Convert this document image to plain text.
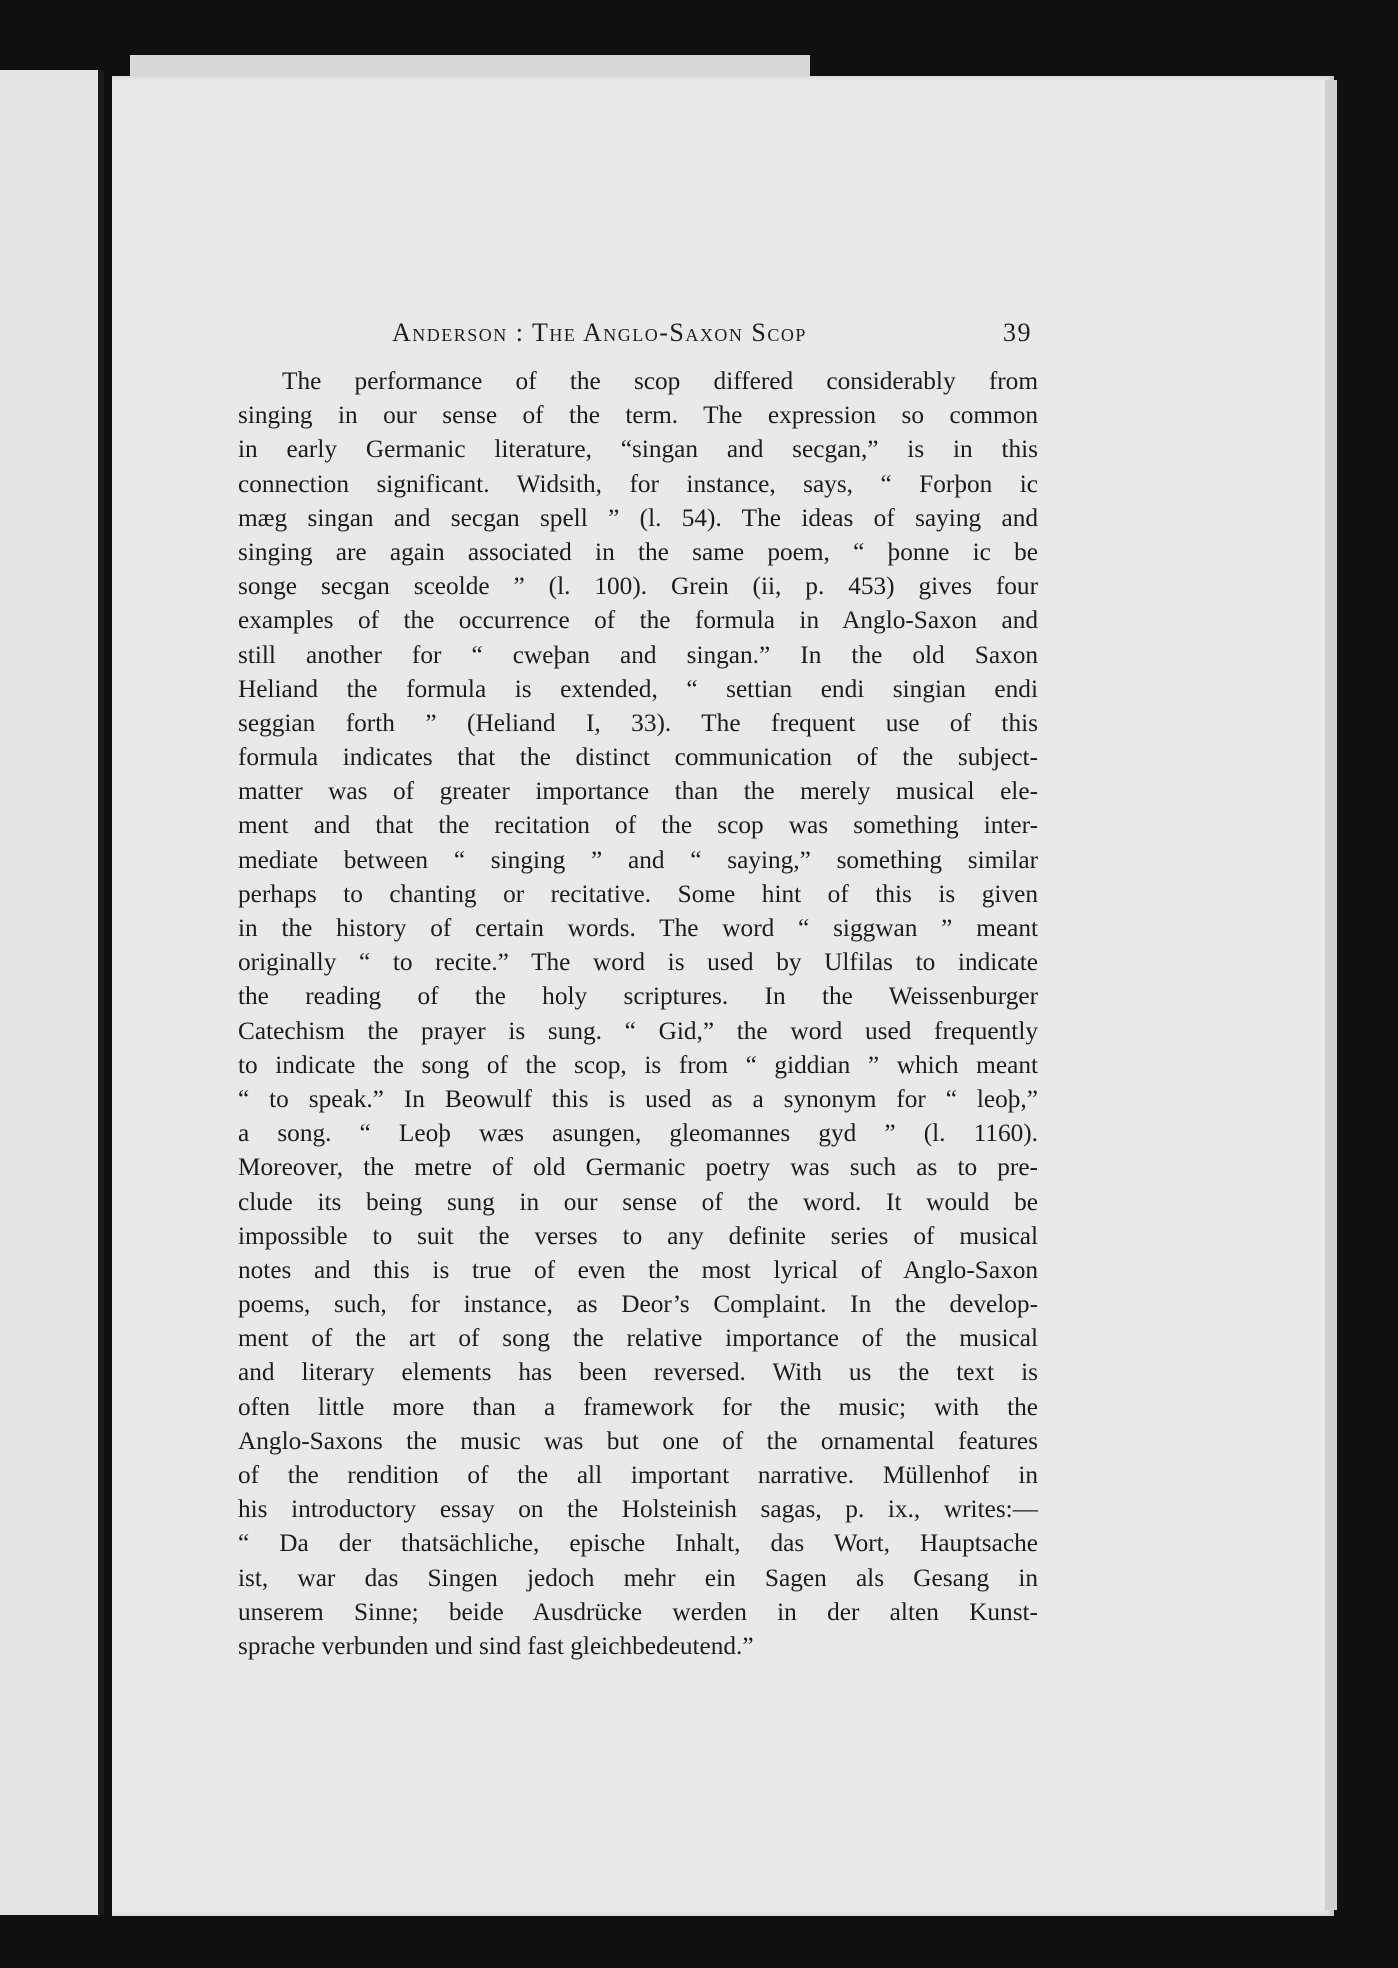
Anderson : The Anglo-Saxon Scop	39
The performance of the scop differed considerably from
singing in our sense of the term. The expression so common
in early Germanic literature, “singan and secgan,” is in this
connection significant. Widsith, for instance, says, “ Forþon ic
mæg singan and secgan spell ” (l. 54). The ideas of saying and
singing are again associated in the same poem, “ þonne ic be
songe secgan sceolde ” (l. 100). Grein (ii, p. 453) gives four
examples of the occurrence of the formula in Anglo-Saxon and
still another for “ cweþan and singan.” In the old Saxon
Heliand the formula is extended, “ settian endi singian endi
seggian forth ” (Heliand I, 33). The frequent use of this
formula indicates that the distinct communication of the subject-
matter was of greater importance than the merely musical ele-
ment and that the recitation of the scop was something inter-
mediate between “ singing ” and “ saying,” something similar
perhaps to chanting or recitative. Some hint of this is given
in the history of certain words. The word “ siggwan ” meant
originally “ to recite.” The word is used by Ulfilas to indicate
the reading of the holy scriptures. In the Weissenburger
Catechism the prayer is sung. “ Gid,” the word used frequently
to indicate the song of the scop, is from “ giddian ” which meant
“ to speak.” In Beowulf this is used as a synonym for “ leoþ,”
a song. “ Leoþ wæs asungen, gleomannes gyd ” (l. 1160).
Moreover, the metre of old Germanic poetry was such as to pre-
clude its being sung in our sense of the word. It would be
impossible to suit the verses to any definite series of musical
notes and this is true of even the most lyrical of Anglo-Saxon
poems, such, for instance, as Deor’s Complaint. In the develop-
ment of the art of song the relative importance of the musical
and literary elements has been reversed. With us the text is
often little more than a framework for the music; with the
Anglo-Saxons the music was but one of the ornamental features
of the rendition of the all important narrative. Müllenhof in
his introductory essay on the Holsteinish sagas, p. ix., writes:—
“ Da der thatsächliche, epische Inhalt, das Wort, Hauptsache
ist, war das Singen jedoch mehr ein Sagen als Gesang in
unserem Sinne; beide Ausdrücke werden in der alten Kunst-
sprache verbunden und sind fast gleichbedeutend.”
